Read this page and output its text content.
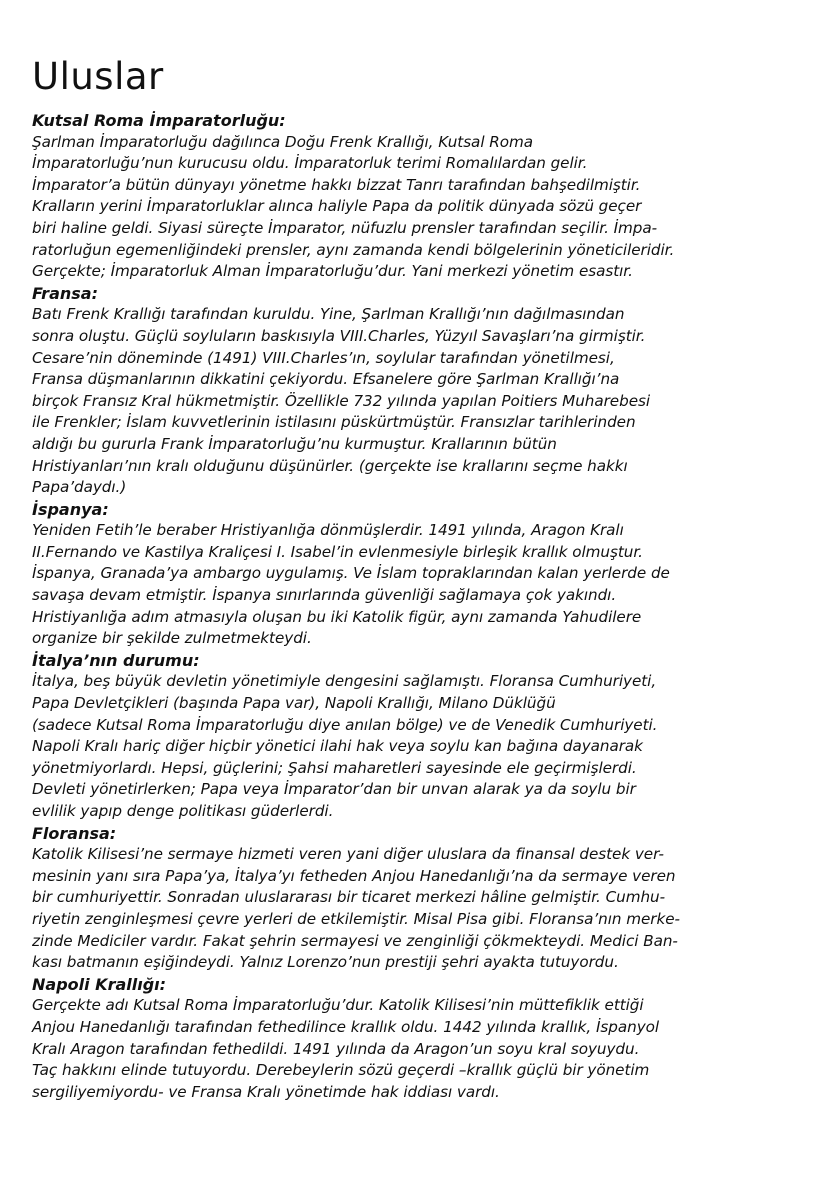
Uluslar
Kutsal Roma İmparatorluğu:
Şarlman İmparatorluğu dağılınca Doğu Frenk Krallığı, Kutsal Roma
İmparatorluğu’nun kurucusu oldu. İmparatorluk terimi Romalılardan gelir.
İmparator’a bütün dünyayı yönetme hakkı bizzat Tanrı tarafından bahşedilmiştir.
Kralların yerini İmparatorluklar alınca haliyle Papa da politik dünyada sözü geçer
biri haline geldi. Siyasi süreçte İmparator, nüfuzlu prensler tarafından seçilir. İmpa-
ratorluğun egemenliğindeki prensler, aynı zamanda kendi bölgelerinin yöneticileridir.
Gerçekte; İmparatorluk Alman İmparatorluğu’dur. Yani merkezi yönetim esastır.
Fransa:
Batı Frenk Krallığı tarafından kuruldu. Yine, Şarlman Krallığı’nın dağılmasından
sonra oluştu. Güçlü soyluların baskısıyla VIII.Charles, Yüzyıl Savaşları’na girmiştir.
Cesare’nin döneminde (1491) VIII.Charles’ın, soylular tarafından yönetilmesi,
Fransa düşmanlarının dikkatini çekiyordu. Efsanelere göre Şarlman Krallığı’na
birçok Fransız Kral hükmetmiştir. Özellikle 732 yılında yapılan Poitiers Muharebesi
ile Frenkler; İslam kuvvetlerinin istilasını püskürtmüştür. Fransızlar tarihlerinden
aldığı bu gururla Frank İmparatorluğu’nu kurmuştur. Krallarının bütün
Hristiyanları’nın kralı olduğunu düşünürler. (gerçekte ise krallarını seçme hakkı
Papa’daydı.)
İspanya:
Yeniden Fetih’le beraber Hristiyanlığa dönmüşlerdir. 1491 yılında, Aragon Kralı
II.Fernando ve Kastilya Kraliçesi I. Isabel’in evlenmesiyle birleşik krallık olmuştur.
İspanya, Granada’ya ambargo uygulamış. Ve İslam topraklarından kalan yerlerde de
savaşa devam etmiştir. İspanya sınırlarında güvenliği sağlamaya çok yakındı.
Hristiyanlığa adım atmasıyla oluşan bu iki Katolik figür, aynı zamanda Yahudilere
organize bir şekilde zulmetmekteydi.
İtalya’nın durumu:
İtalya, beş büyük devletin yönetimiyle dengesini sağlamıştı. Floransa Cumhuriyeti,
Papa Devletçikleri (başında Papa var), Napoli Krallığı, Milano Düklüğü
(sadece Kutsal Roma İmparatorluğu diye anılan bölge) ve de Venedik Cumhuriyeti.
Napoli Kralı hariç diğer hiçbir yönetici ilahi hak veya soylu kan bağına dayanarak
yönetmiyorlardı. Hepsi, güçlerini; Şahsi maharetleri sayesinde ele geçirmişlerdi.
Devleti yönetirlerken; Papa veya İmparator’dan bir unvan alarak ya da soylu bir
evlilik yapıp denge politikası güderlerdi.
Floransa:
Katolik Kilisesi’ne sermaye hizmeti veren yani diğer uluslara da finansal destek ver-
mesinin yanı sıra Papa’ya, İtalya’yı fetheden Anjou Hanedanlığı’na da sermaye veren
bir cumhuriyettir. Sonradan uluslararası bir ticaret merkezi hâline gelmiştir. Cumhu-
riyetin zenginleşmesi çevre yerleri de etkilemiştir. Misal Pisa gibi. Floransa’nın merke-
zinde Mediciler vardır. Fakat şehrin sermayesi ve zenginliği çökmekteydi. Medici Ban-
kası batmanın eşiğindeydi. Yalnız Lorenzo’nun prestiji şehri ayakta tutuyordu.
Napoli Krallığı:
Gerçekte adı Kutsal Roma İmparatorluğu’dur. Katolik Kilisesi’nin müttefiklik ettiği
Anjou Hanedanlığı tarafından fethedilince krallık oldu. 1442 yılında krallık, İspanyol
Kralı Aragon tarafından fethedildi. 1491 yılında da Aragon’un soyu kral soyuydu.
Taç hakkını elinde tutuyordu. Derebeylerin sözü geçerdi –krallık güçlü bir yönetim
sergiliyemiyordu- ve Fransa Kralı yönetimde hak iddiası vardı.
